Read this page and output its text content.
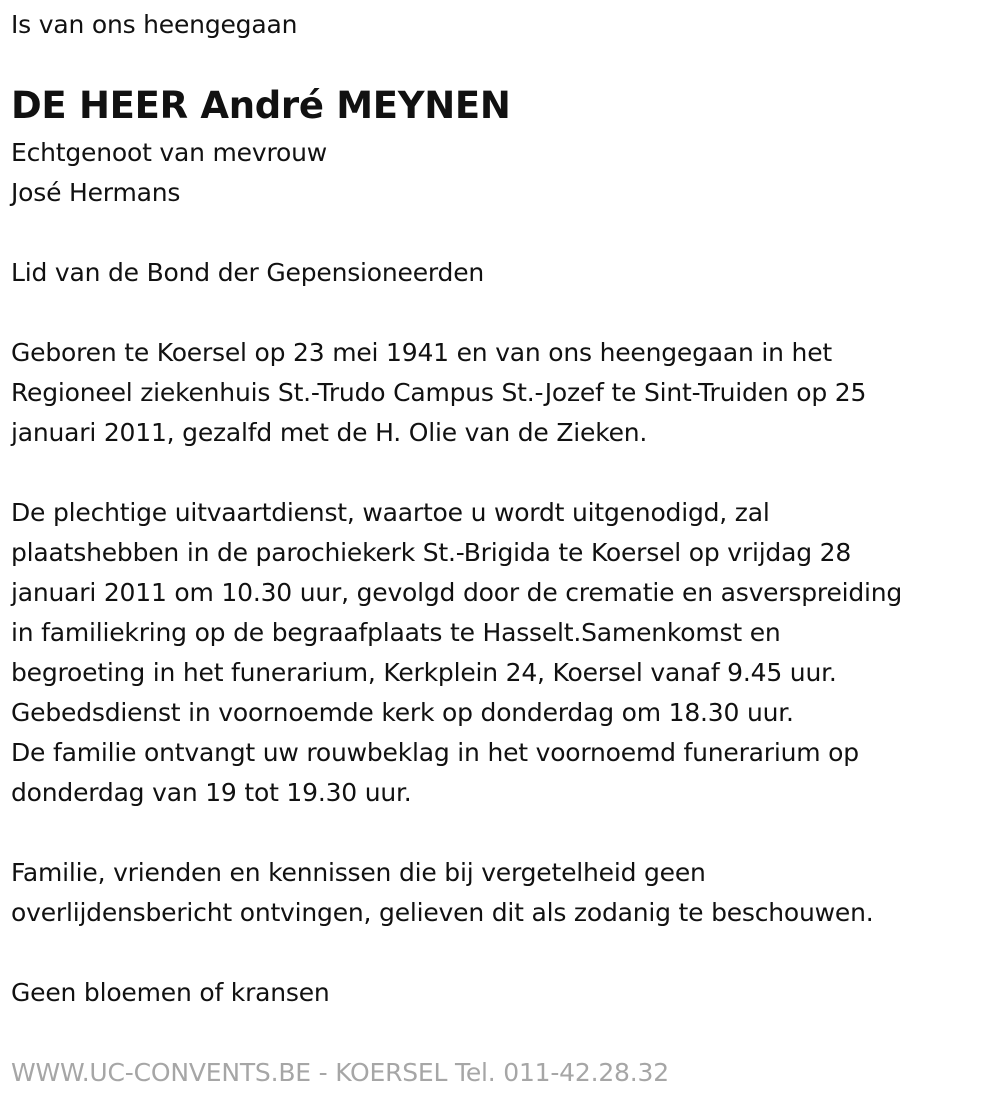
Is van ons heengegaan
DE HEER André MEYNEN
Echtgenoot van mevrouw
José Hermans
Lid van de Bond der Gepensioneerden
Geboren te Koersel op 23 mei 1941 en van ons heengegaan in het
Regioneel ziekenhuis St.-Trudo Campus St.-Jozef te Sint-Truiden op 25
januari 2011, gezalfd met de H. Olie van de Zieken.
De plechtige uitvaartdienst, waartoe u wordt uitgenodigd, zal
plaatshebben in de parochiekerk St.-Brigida te Koersel op vrijdag 28
januari 2011 om 10.30 uur, gevolgd door de crematie en asverspreiding
in familiekring op de begraafplaats te Hasselt.Samenkomst en
begroeting in het funerarium, Kerkplein 24, Koersel vanaf 9.45 uur.
Gebedsdienst in voornoemde kerk op donderdag om 18.30 uur.
De familie ontvangt uw rouwbeklag in het voornoemd funerarium op
donderdag van 19 tot 19.30 uur.
Familie, vrienden en kennissen die bij vergetelheid geen
overlijdensbericht ontvingen, gelieven dit als zodanig te beschouwen.
Geen bloemen of kransen
WWW.UC-CONVENTS.BE - KOERSEL Tel. 011-42.28.32
